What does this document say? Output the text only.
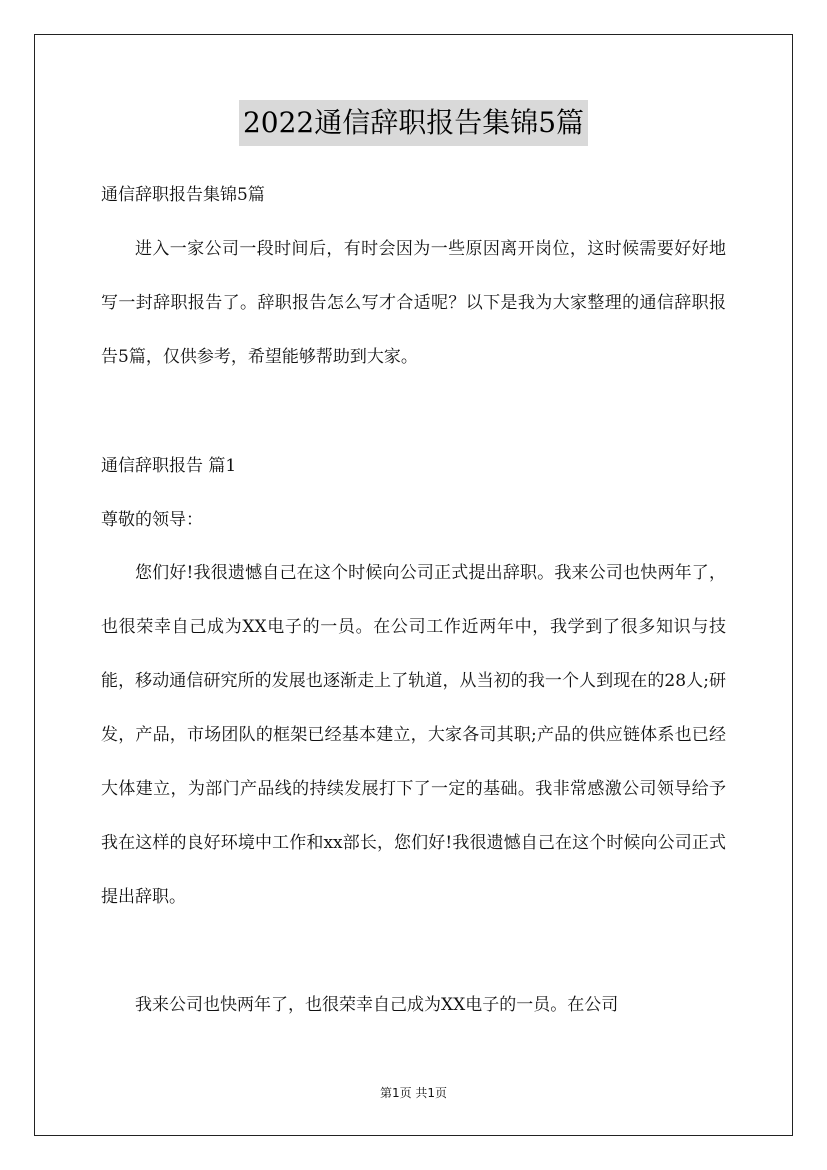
2022通信辞职报告集锦5篇
通信辞职报告集锦5篇

进入一家公司一段时间后，有时会因为一些原因离开岗位，这时候需要好好地写一封辞职报告了。辞职报告怎么写才合适呢？以下是我为大家整理的通信辞职报告5篇，仅供参考，希望能够帮助到大家。

通信辞职报告 篇1
尊敬的领导：

您们好!我很遗憾自己在这个时候向公司正式提出辞职。我来公司也快两年了，也很荣幸自己成为XX电子的一员。在公司工作近两年中，我学到了很多知识与技能，移动通信研究所的发展也逐渐走上了轨道，从当初的我一个人到现在的28人;研发，产品，市场团队的框架已经基本建立，大家各司其职;产品的供应链体系也已经大体建立，为部门产品线的持续发展打下了一定的基础。我非常感激公司领导给予我在这样的良好环境中工作和xx部长，您们好!我很遗憾自己在这个时候向公司正式提出辞职。

我来公司也快两年了，也很荣幸自己成为XX电子的一员。在公司

第1页 共1页
